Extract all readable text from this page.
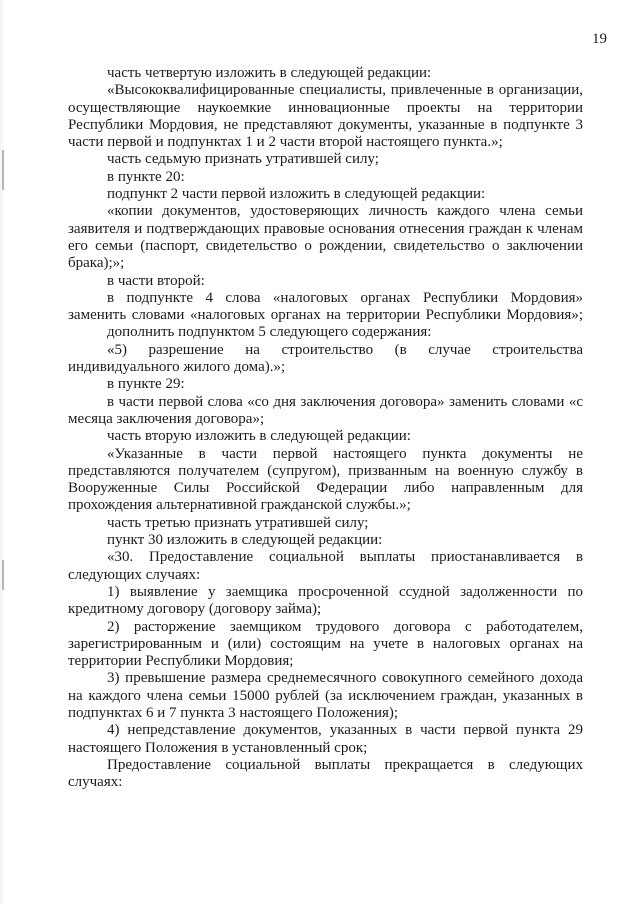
19

часть четвертую изложить в следующей редакции:

«Высококвалифицированные специалисты, привлеченные в организации, осуществляющие наукоемкие инновационные проекты на территории Республики Мордовия, не представляют документы, указанные в подпункте 3 части первой и подпунктах 1 и 2 части второй настоящего пункта.»;

часть седьмую признать утратившей силу;

в пункте 20:

подпункт 2 части первой изложить в следующей редакции:

«копии документов, удостоверяющих личность каждого члена семьи заявителя и подтверждающих правовые основания отнесения граждан к членам его семьи (паспорт, свидетельство о рождении, свидетельство о заключении брака);»;

в части второй:

в подпункте 4 слова «налоговых органах Республики Мордовия» заменить словами «налоговых органах на территории Республики Мордовия»;

дополнить подпунктом 5 следующего содержания:

«5) разрешение на строительство (в случае строительства индивидуального жилого дома).»;

в пункте 29:

в части первой слова «со дня заключения договора» заменить словами «с месяца заключения договора»;

часть вторую изложить в следующей редакции:

«Указанные в части первой настоящего пункта документы не представляются получателем (супругом), призванным на военную службу в Вооруженные Силы Российской Федерации либо направленным для прохождения альтернативной гражданской службы.»;

часть третью признать утратившей силу;

пункт 30 изложить в следующей редакции:

«30. Предоставление социальной выплаты приостанавливается в следующих случаях:

1) выявление у заемщика просроченной ссудной задолженности по кредитному договору (договору займа);

2) расторжение заемщиком трудового договора с работодателем, зарегистрированным и (или) состоящим на учете в налоговых органах на территории Республики Мордовия;

3) превышение размера среднемесячного совокупного семейного дохода на каждого члена семьи 15000 рублей (за исключением граждан, указанных в подпунктах 6 и 7 пункта 3 настоящего Положения);

4) непредставление документов, указанных в части первой пункта 29 настоящего Положения в установленный срок;

Предоставление социальной выплаты прекращается в следующих случаях:
